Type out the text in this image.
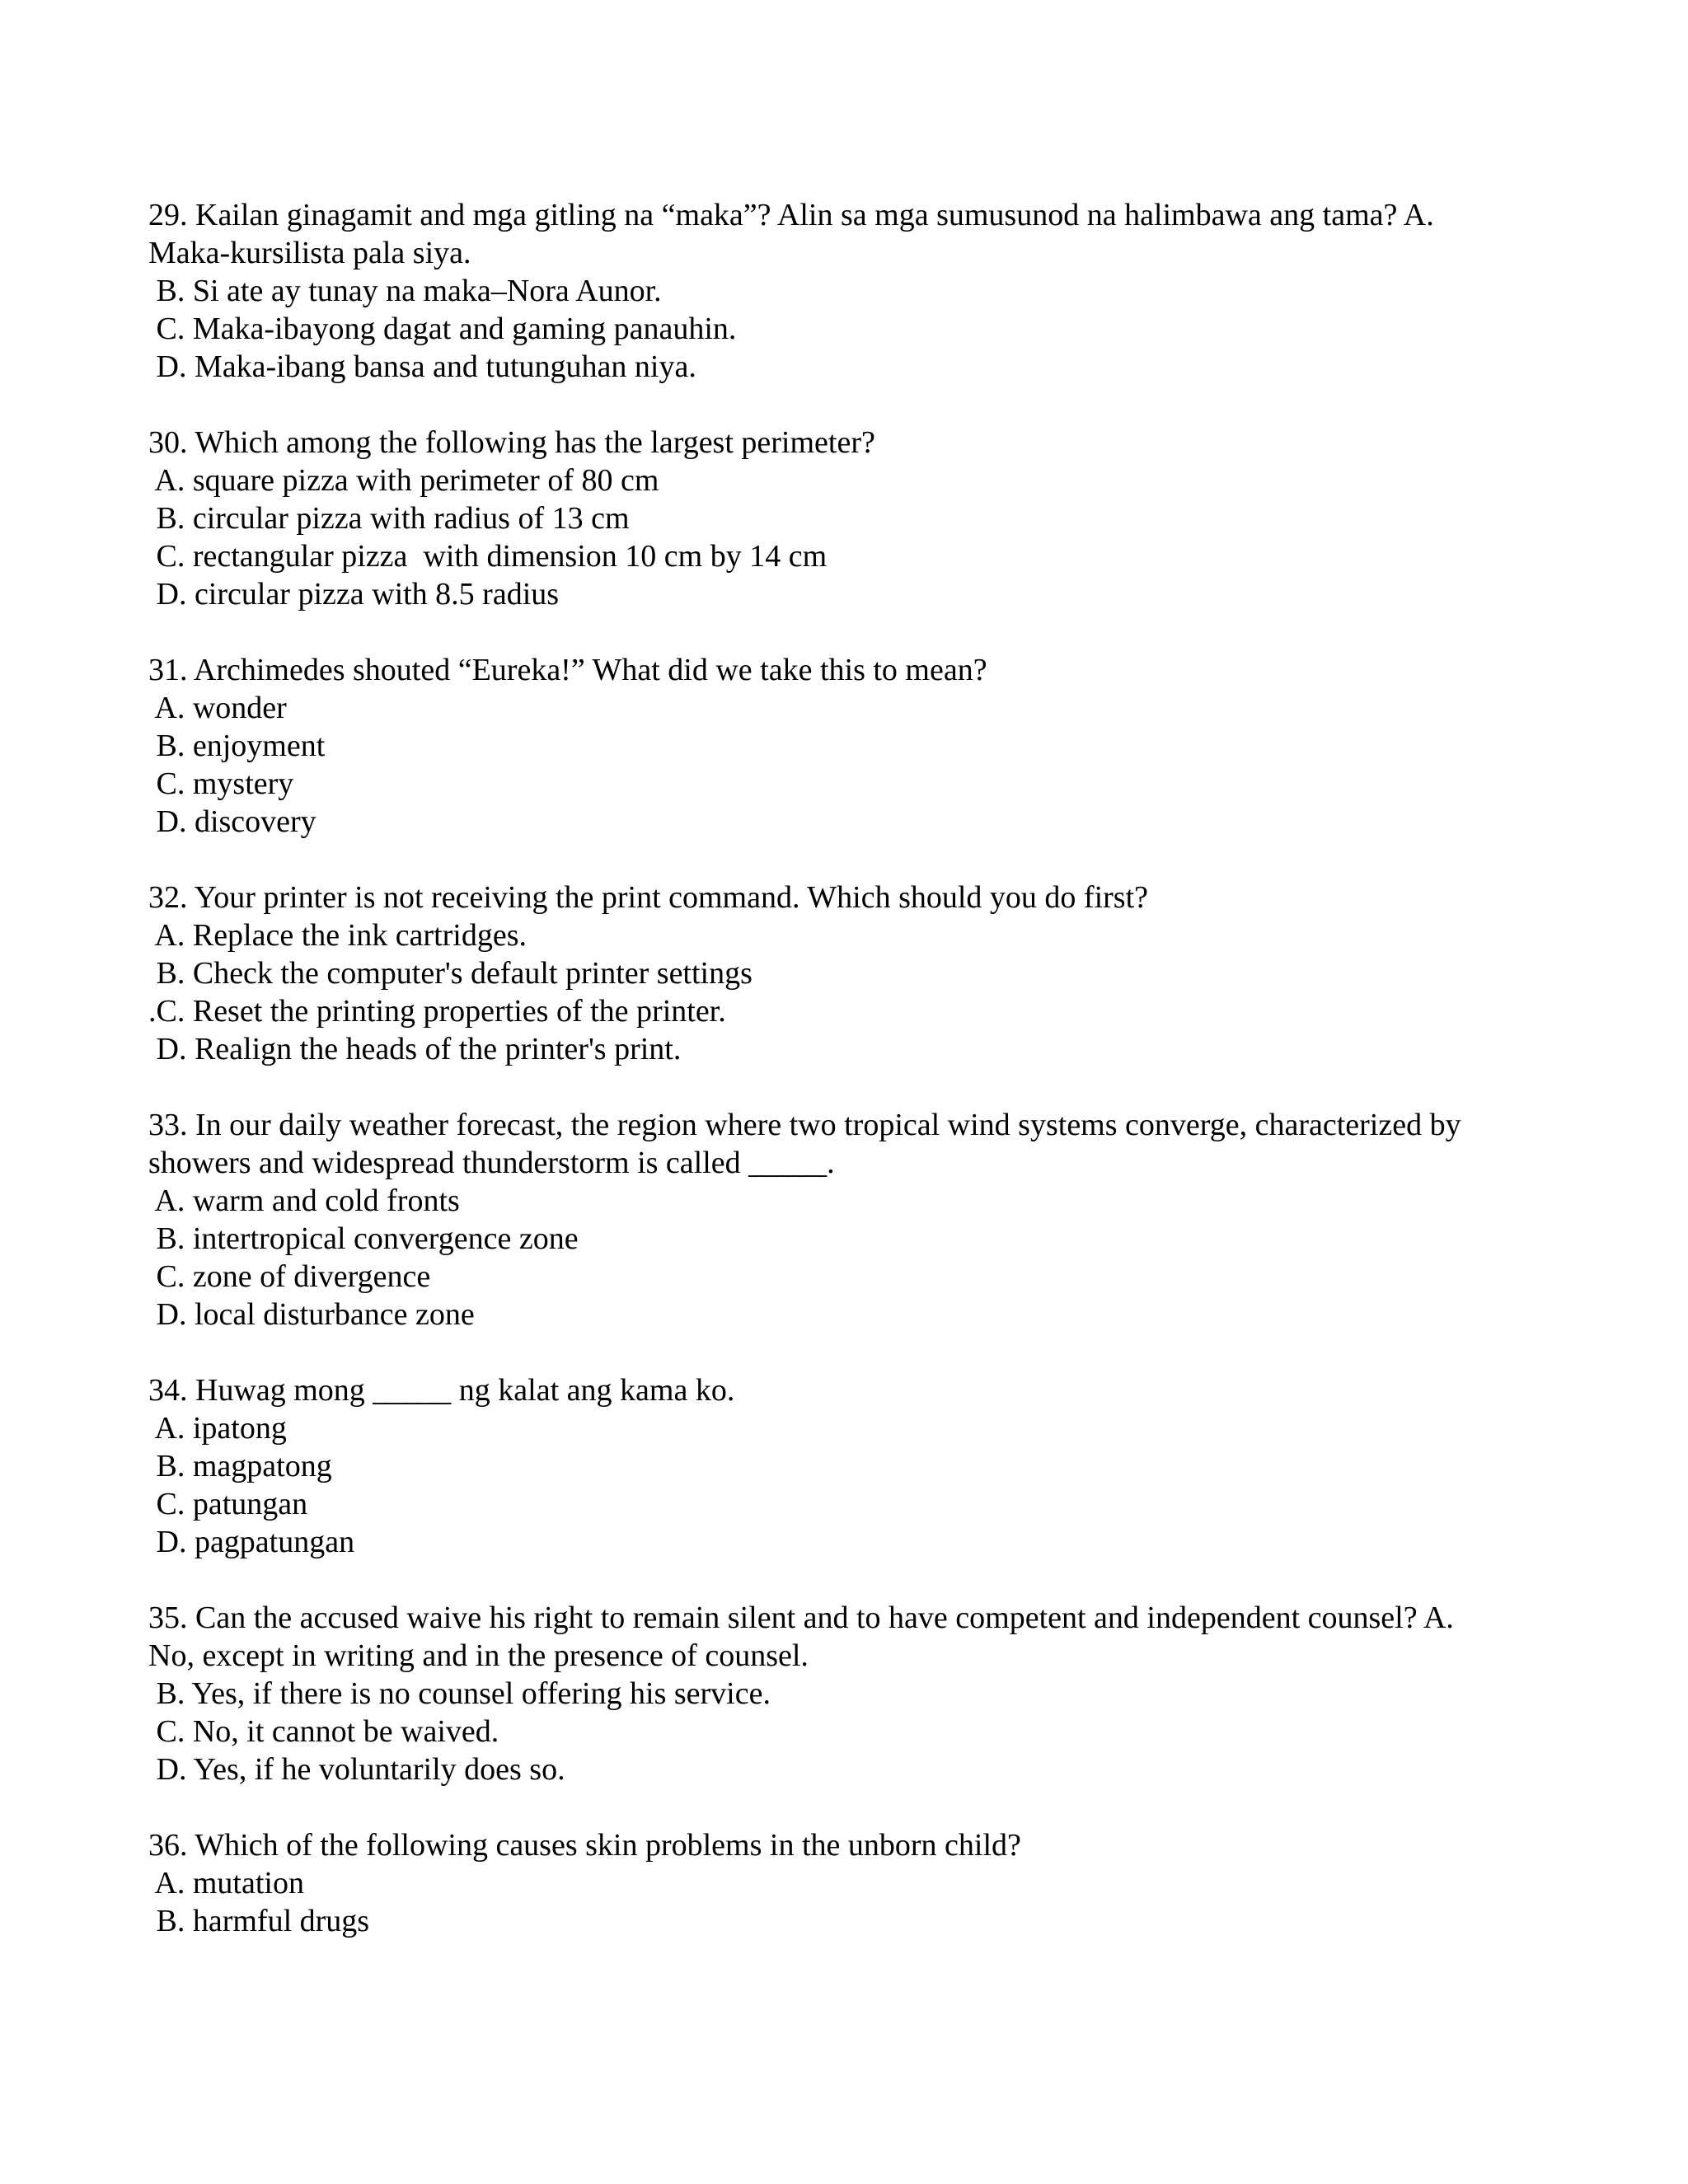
29. Kailan ginagamit and mga gitling na “maka”? Alin sa mga sumusunod na halimbawa ang tama? A.
Maka-kursilista pala siya.
B. Si ate ay tunay na maka–Nora Aunor.
C. Maka-ibayong dagat and gaming panauhin.
D. Maka-ibang bansa and tutunguhan niya.
30. Which among the following has the largest perimeter?
A. square pizza with perimeter of 80 cm
B. circular pizza with radius of 13 cm
C. rectangular pizza  with dimension 10 cm by 14 cm
D. circular pizza with 8.5 radius
31. Archimedes shouted “Eureka!” What did we take this to mean?
A. wonder
B. enjoyment
C. mystery
D. discovery
32. Your printer is not receiving the print command. Which should you do first?
A. Replace the ink cartridges.
B. Check the computer's default printer settings
.C. Reset the printing properties of the printer.
D. Realign the heads of the printer's print.
33. In our daily weather forecast, the region where two tropical wind systems converge, characterized by
showers and widespread thunderstorm is called _____.
A. warm and cold fronts
B. intertropical convergence zone
C. zone of divergence
D. local disturbance zone
34. Huwag mong _____ ng kalat ang kama ko.
A. ipatong
B. magpatong
C. patungan
D. pagpatungan
35. Can the accused waive his right to remain silent and to have competent and independent counsel? A.
No, except in writing and in the presence of counsel.
B. Yes, if there is no counsel offering his service.
C. No, it cannot be waived.
D. Yes, if he voluntarily does so.
36. Which of the following causes skin problems in the unborn child?
A. mutation
B. harmful drugs
